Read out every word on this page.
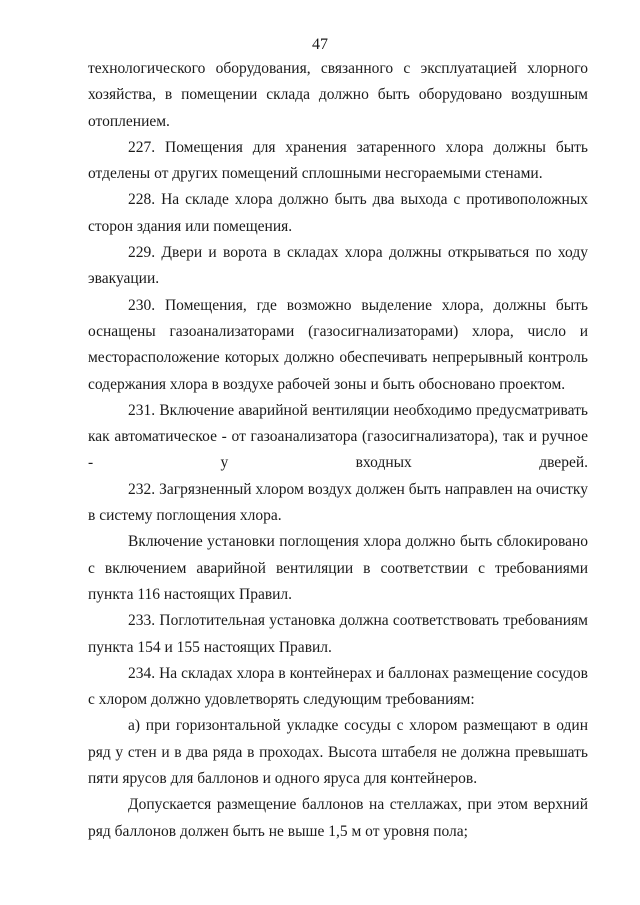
47

технологического оборудования, связанного с эксплуатацией хлорного хозяйства, в помещении склада должно быть оборудовано воздушным отоплением.

227. Помещения для хранения затаренного хлора должны быть отделены от других помещений сплошными несгораемыми стенами.

228. На складе хлора должно быть два выхода с противоположных сторон здания или помещения.

229. Двери и ворота в складах хлора должны открываться по ходу эвакуации.

230. Помещения, где возможно выделение хлора, должны быть оснащены газоанализаторами (газосигнализаторами) хлора, число и месторасположение которых должно обеспечивать непрерывный контроль содержания хлора в воздухе рабочей зоны и быть обосновано проектом.

231. Включение аварийной вентиляции необходимо предусматривать как автоматическое - от газоанализатора (газосигнализатора), так и ручное - у входных дверей.

232. Загрязненный хлором воздух должен быть направлен на очистку в систему поглощения хлора.

Включение установки поглощения хлора должно быть сблокировано с включением аварийной вентиляции в соответствии с требованиями пункта 116 настоящих Правил.

233. Поглотительная установка должна соответствовать требованиям пункта 154 и 155 настоящих Правил.

234. На складах хлора в контейнерах и баллонах размещение сосудов с хлором должно удовлетворять следующим требованиям:

а) при горизонтальной укладке сосуды с хлором размещают в один ряд у стен и в два ряда в проходах. Высота штабеля не должна превышать пяти ярусов для баллонов и одного яруса для контейнеров.

Допускается размещение баллонов на стеллажах, при этом верхний ряд баллонов должен быть не выше 1,5 м от уровня пола;
